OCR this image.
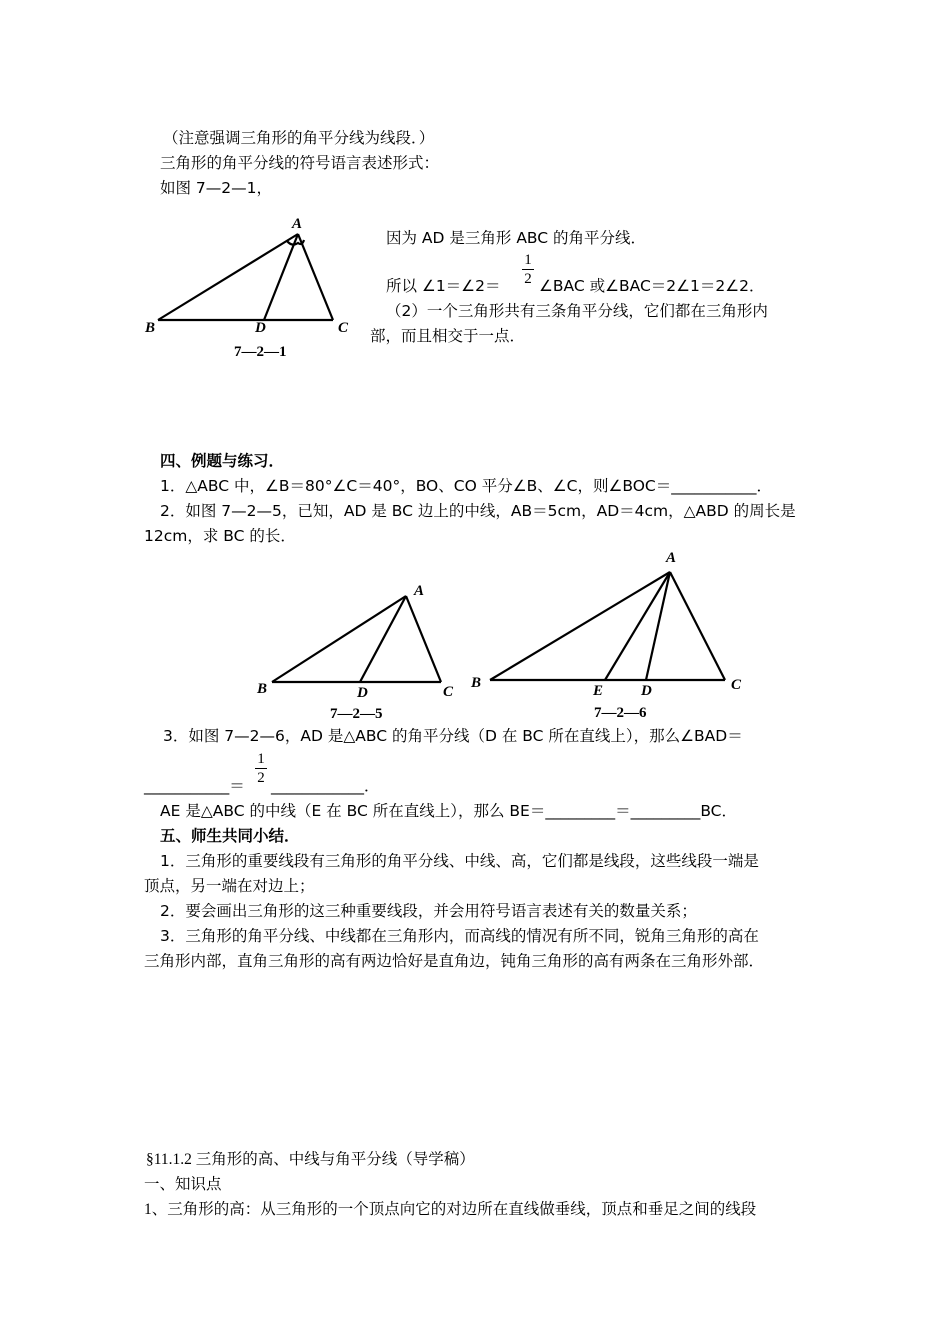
（注意强调三角形的角平分线为线段．）
三角形的角平分线的符号语言表述形式：
如图 7—2—1，
A
B	D	C
7—2—1
因为 AD 是三角形 ABC 的角平分线．
所以 ∠1＝∠2＝
1
2 ∠BAC 或∠BAC＝2∠1＝2∠2．
（2）一个三角形共有三条角平分线，它们都在三角形内
部，而且相交于一点．
四、例题与练习．
1．△ABC 中，∠B＝80°∠C＝40°，BO、CO 平分∠B、∠C，则∠BOC＝___________．
2．如图 7—2—5，已知，AD 是 BC 边上的中线，AB＝5cm，AD＝4cm，△ABD 的周长是
12cm，求 BC 的长．
A
B	D	C
7—2—5
A
B	E	D	C
7—2—6
3．如图 7—2—6，AD 是△ABC 的角平分线（D 在 BC 所在直线上），那么∠BAD＝
___________＝
1
2 ____________．
AE 是△ABC 的中线（E 在 BC 所在直线上），那么 BE＝_________＝_________BC．
五、师生共同小结．
1．三角形的重要线段有三角形的角平分线、中线、高，它们都是线段，这些线段一端是
顶点，另一端在对边上；
2．要会画出三角形的这三种重要线段，并会用符号语言表述有关的数量关系；
3．三角形的角平分线、中线都在三角形内，而高线的情况有所不同，锐角三角形的高在
三角形内部，直角三角形的高有两边恰好是直角边，钝角三角形的高有两条在三角形外部．
§11.1.2 三角形的高、中线与角平分线（导学稿）
一、知识点
1、三角形的高：从三角形的一个顶点向它的对边所在直线做垂线，顶点和垂足之间的线段
